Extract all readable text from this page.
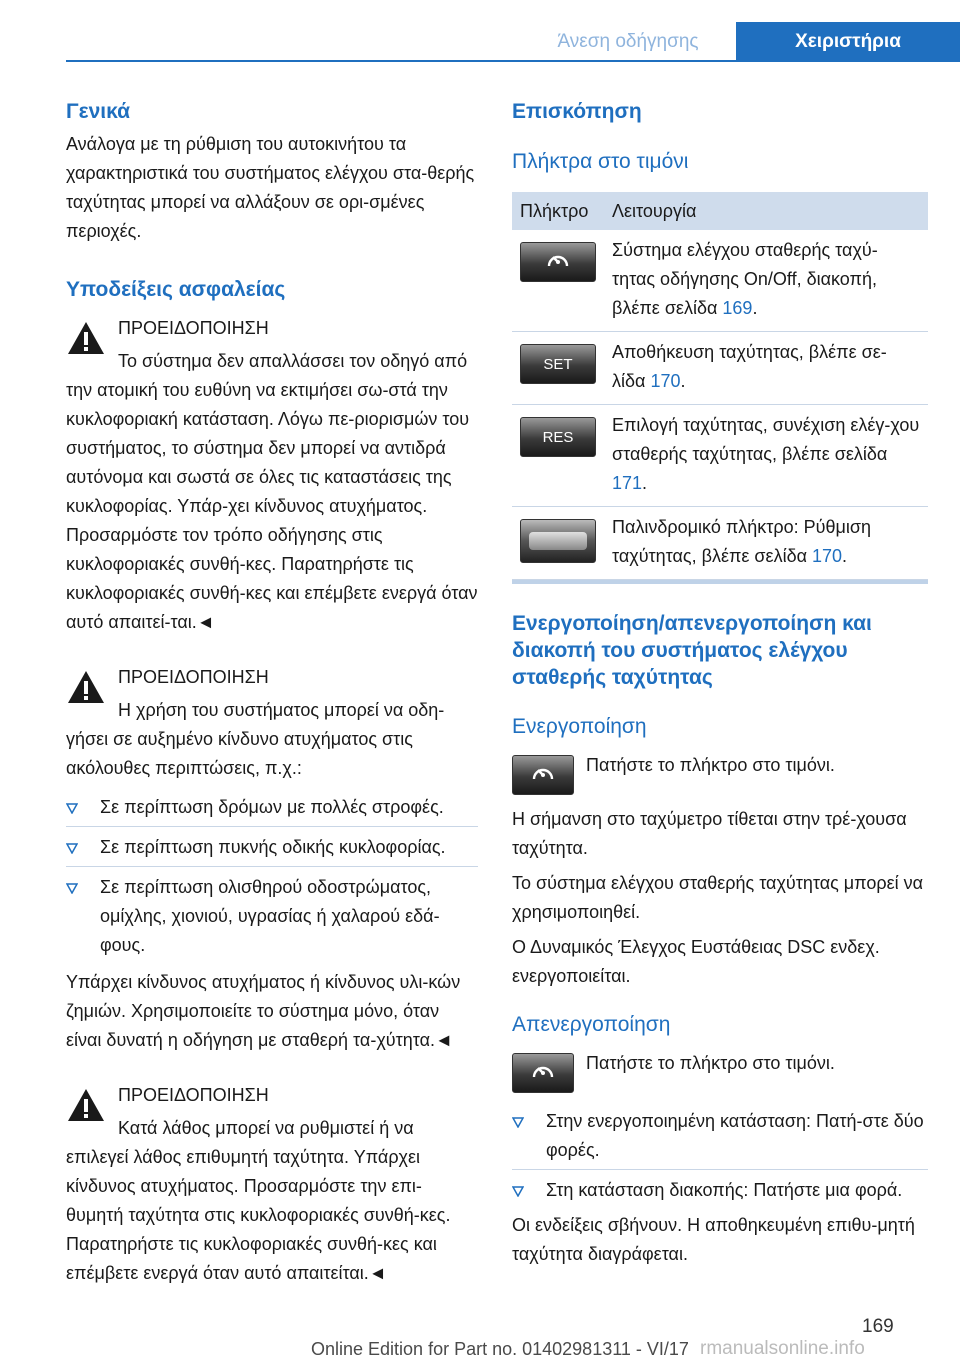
Άνεση οδήγησης	Χειριστήρια
Γενικά

Ανάλογα με τη ρύθμιση του αυτοκινήτου τα χαρακτηριστικά του συστήματος ελέγχου στα-θερής ταχύτητας μπορεί να αλλάξουν σε ορι-σμένες περιοχές.

Υποδείξεις ασφαλείας

ΠΡΟΕΙΔΟΠΟΙΗΣΗ

Το σύστημα δεν απαλλάσσει τον οδηγό από την ατομική του ευθύνη να εκτιμήσει σω-στά την κυκλοφοριακή κατάσταση. Λόγω πε-ριορισμών του συστήματος, το σύστημα δεν μπορεί να αντιδρά αυτόνομα και σωστά σε όλες τις καταστάσεις της κυκλοφορίας. Υπάρ-χει κίνδυνος ατυχήματος. Προσαρμόστε τον τρόπο οδήγησης στις κυκλοφοριακές συνθή-κες. Παρατηρήστε τις κυκλοφοριακές συνθή-κες και επέμβετε ενεργά όταν αυτό απαιτεί-ται.◄

ΠΡΟΕΙΔΟΠΟΙΗΣΗ

Η χρήση του συστήματος μπορεί να οδη-γήσει σε αυξημένο κίνδυνο ατυχήματος στις ακόλουθες περιπτώσεις, π.χ.:

Σε περίπτωση δρόμων με πολλές στροφές.
Σε περίπτωση πυκνής οδικής κυκλοφορίας.
Σε περίπτωση ολισθηρού οδοστρώματος, ομίχλης, χιονιού, υγρασίας ή χαλαρού εδά-φους.

Υπάρχει κίνδυνος ατυχήματος ή κίνδυνος υλι-κών ζημιών. Χρησιμοποιείτε το σύστημα μόνο, όταν είναι δυνατή η οδήγηση με σταθερή τα-χύτητα.◄

ΠΡΟΕΙΔΟΠΟΙΗΣΗ

Κατά λάθος μπορεί να ρυθμιστεί ή να επιλεγεί λάθος επιθυμητή ταχύτητα. Υπάρχει κίνδυνος ατυχήματος. Προσαρμόστε την επι-θυμητή ταχύτητα στις κυκλοφοριακές συνθή-κες. Παρατηρήστε τις κυκλοφοριακές συνθή-κες και επέμβετε ενεργά όταν αυτό απαιτείται.◄

Επισκόπηση
Πλήκτρα στο τιμόνι
Πλήκτρο	Λειτουργία

	Σύστημα ελέγχου σταθερής ταχύ-τητας οδήγησης On/Off, διακοπή, βλέπε σελίδα 169.

SET	Αποθήκευση ταχύτητας, βλέπε σε-λίδα 170.

RES	Επιλογή ταχύτητας, συνέχιση ελέγ-χου σταθερής ταχύτητας, βλέπε σελίδα 171.

	Παλινδρομικό πλήκτρο: Ρύθμιση ταχύτητας, βλέπε σελίδα 170.
Ενεργοποίηση/απενεργοποίηση και διακοπή του συστήματος ελέγχου σταθερής ταχύτητας
Ενεργοποίηση

Πατήστε το πλήκτρο στο τιμόνι.

Η σήμανση στο ταχύμετρο τίθεται στην τρέ-χουσα ταχύτητα.

Το σύστημα ελέγχου σταθερής ταχύτητας μπορεί να χρησιμοποιηθεί.

Ο Δυναμικός Έλεγχος Ευστάθειας DSC ενδεχ. ενεργοποιείται.

Απενεργοποίηση

Πατήστε το πλήκτρο στο τιμόνι.

Στην ενεργοποιημένη κατάσταση: Πατή-στε δύο φορές.
Στη κατάσταση διακοπής: Πατήστε μια φορά.

Οι ενδείξεις σβήνουν. Η αποθηκευμένη επιθυ-μητή ταχύτητα διαγράφεται.

169
Online Edition for Part no. 01402981311 - VI/17 rmanualsonline.info
